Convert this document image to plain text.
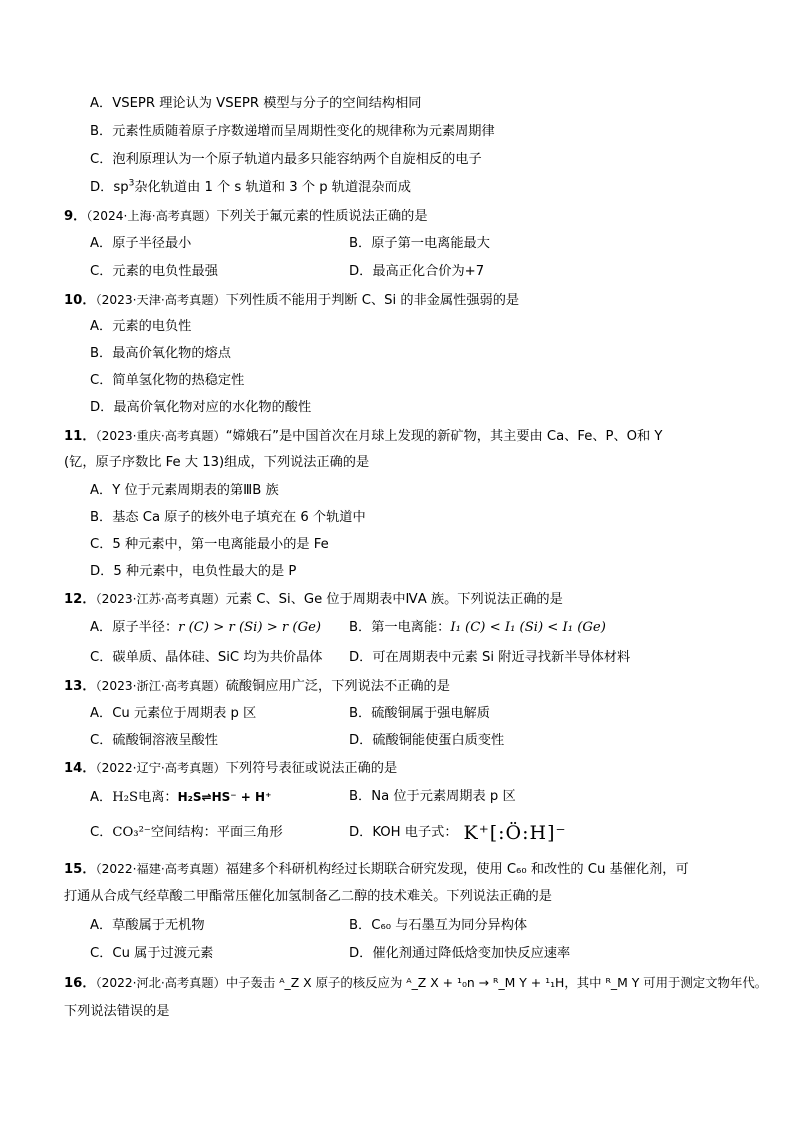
A．VSEPR 理论认为 VSEPR 模型与分子的空间结构相同
B．元素性质随着原子序数递增而呈周期性变化的规律称为元素周期律
C．泡利原理认为一个原子轨道内最多只能容纳两个自旋相反的电子
D．$sp^3$杂化轨道由 1 个 s 轨道和 3 个 p 轨道混杂而成
9．（2024·上海·高考真题）下列关于氟元素的性质说法正确的是
A．原子半径最小	B．原子第一电离能最大
C．元素的电负性最强	D．最高正化合价为+7
10．（2023·天津·高考真题）下列性质不能用于判断 C、Si 的非金属性强弱的是
A．元素的电负性
B．最高价氧化物的熔点
C．简单氢化物的热稳定性
D．最高价氧化物对应的水化物的酸性
11．（2023·重庆·高考真题）“嫦娥石”是中国首次在月球上发现的新矿物，其主要由 Ca、Fe、P、O和 Y
(钇，原子序数比 Fe 大 13)组成，下列说法正确的是
A．Y 位于元素周期表的第ⅢB 族
B．基态 Ca 原子的核外电子填充在 6 个轨道中
C．5 种元素中，第一电离能最小的是 Fe
D．5 种元素中，电负性最大的是 P
12．（2023·江苏·高考真题）元素 C、Si、Ge 位于周期表中ⅣA 族。下列说法正确的是
A．原子半径：r (C) > r (Si) > r (Ge) B．第一电离能：I₁ (C) < I₁ (Si) < I₁ (Ge)
C．碳单质、晶体硅、SiC 均为共价晶体 D．可在周期表中元素 Si 附近寻找新半导体材料
13．（2023·浙江·高考真题）硫酸铜应用广泛，下列说法不正确的是
A．Cu 元素位于周期表 p 区	B．硫酸铜属于强电解质
C．硫酸铜溶液呈酸性	D．硫酸铜能使蛋白质变性
14．（2022·辽宁·高考真题）下列符号表征或说法正确的是
A．H₂S电离：H₂S⇌HS⁻ + H⁺	B．Na 位于元素周期表 p 区
C．CO₃²⁻空间结构：平面三角形	D．KOH 电子式： K⁺[:Ö:H]⁻
15．（2022·福建·高考真题）福建多个科研机构经过长期联合研究发现，使用 C₆₀ 和改性的 Cu 基催化剂，可
打通从合成气经草酸二甲酯常压催化加氢制备乙二醇的技术难关。下列说法正确的是
A．草酸属于无机物	B．C₆₀ 与石墨互为同分异构体
C．Cu 属于过渡元素	D．催化剂通过降低焓变加快反应速率
16．（2022·河北·高考真题）中子轰击 ᴬ_Z X 原子的核反应为 ᴬ_Z X + ¹₀n → ᴿ_M Y + ¹₁H，其中 ᴿ_M Y 可用于测定文物年代。
下列说法错误的是
